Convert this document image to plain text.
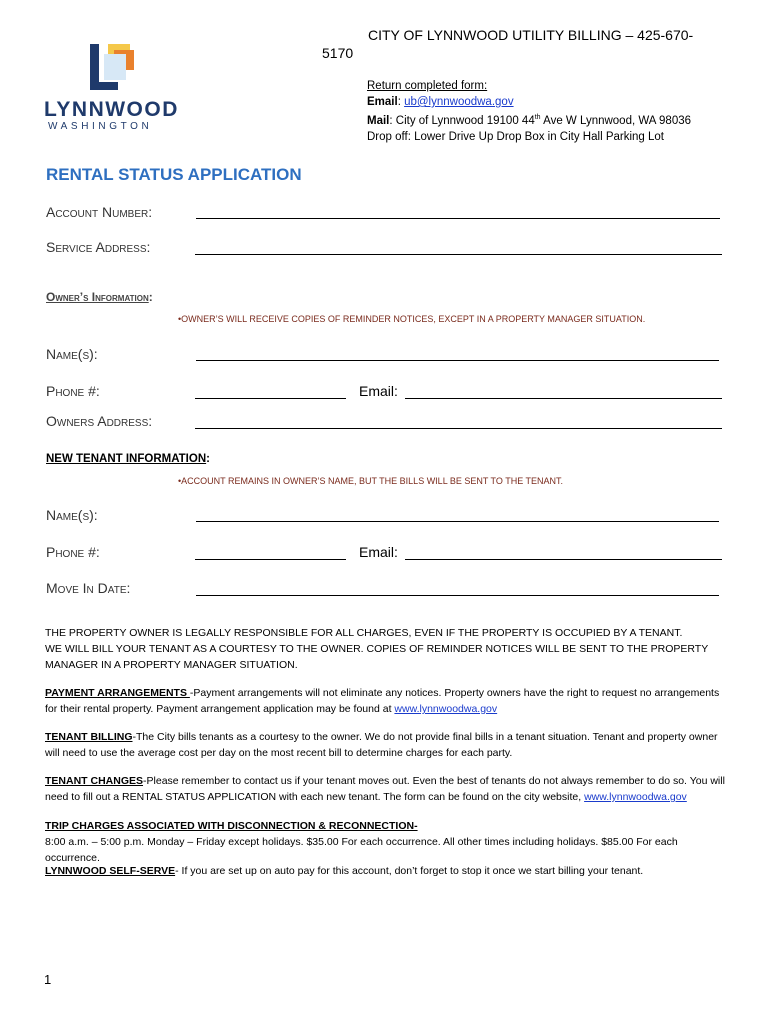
LYNNWOOD
WASHINGTON
CITY OF LYNNWOOD UTILITY BILLING – 425-670-
5170
Return completed form:
Email: ub@lynnwoodwa.gov
Mail: City of Lynnwood 19100 44th Ave W Lynnwood, WA 98036
Drop off: Lower Drive Up Drop Box in City Hall Parking Lot
RENTAL STATUS APPLICATION
Account Number:
Service Address:
Owner’s Information:
•OWNER’S WILL RECEIVE COPIES OF REMINDER NOTICES, EXCEPT IN A PROPERTY MANAGER SITUATION.
Name(s):
Phone #:	Email:
Owners Address:
NEW TENANT INFORMATION:
•ACCOUNT REMAINS IN OWNER’S NAME, BUT THE BILLS WILL BE SENT TO THE TENANT.
Name(s):
Phone #:	Email:
Move In Date:
THE PROPERTY OWNER IS LEGALLY RESPONSIBLE FOR ALL CHARGES, EVEN IF THE PROPERTY IS OCCUPIED BY A TENANT.
WE WILL BILL YOUR TENANT AS A COURTESY TO THE OWNER. COPIES OF REMINDER NOTICES WILL BE SENT TO THE PROPERTY MANAGER IN A PROPERTY MANAGER SITUATION.
PAYMENT ARRANGEMENTS -Payment arrangements will not eliminate any notices. Property owners have the right to request no arrangements for their rental property. Payment arrangement application may be found at www.lynnwoodwa.gov
TENANT BILLING-The City bills tenants as a courtesy to the owner. We do not provide final bills in a tenant situation. Tenant and property owner will need to use the average cost per day on the most recent bill to determine charges for each party.
TENANT CHANGES-Please remember to contact us if your tenant moves out. Even the best of tenants do not always remember to do so. You will need to fill out a RENTAL STATUS APPLICATION with each new tenant. The form can be found on the city website, www.lynnwoodwa.gov
TRIP CHARGES ASSOCIATED WITH DISCONNECTION & RECONNECTION-
8:00 a.m. – 5:00 p.m. Monday – Friday except holidays. $35.00 For each occurrence. All other times including holidays. $85.00 For each occurrence.
LYNNWOOD SELF-SERVE- If you are set up on auto pay for this account, don’t forget to stop it once we start billing your tenant.
1
